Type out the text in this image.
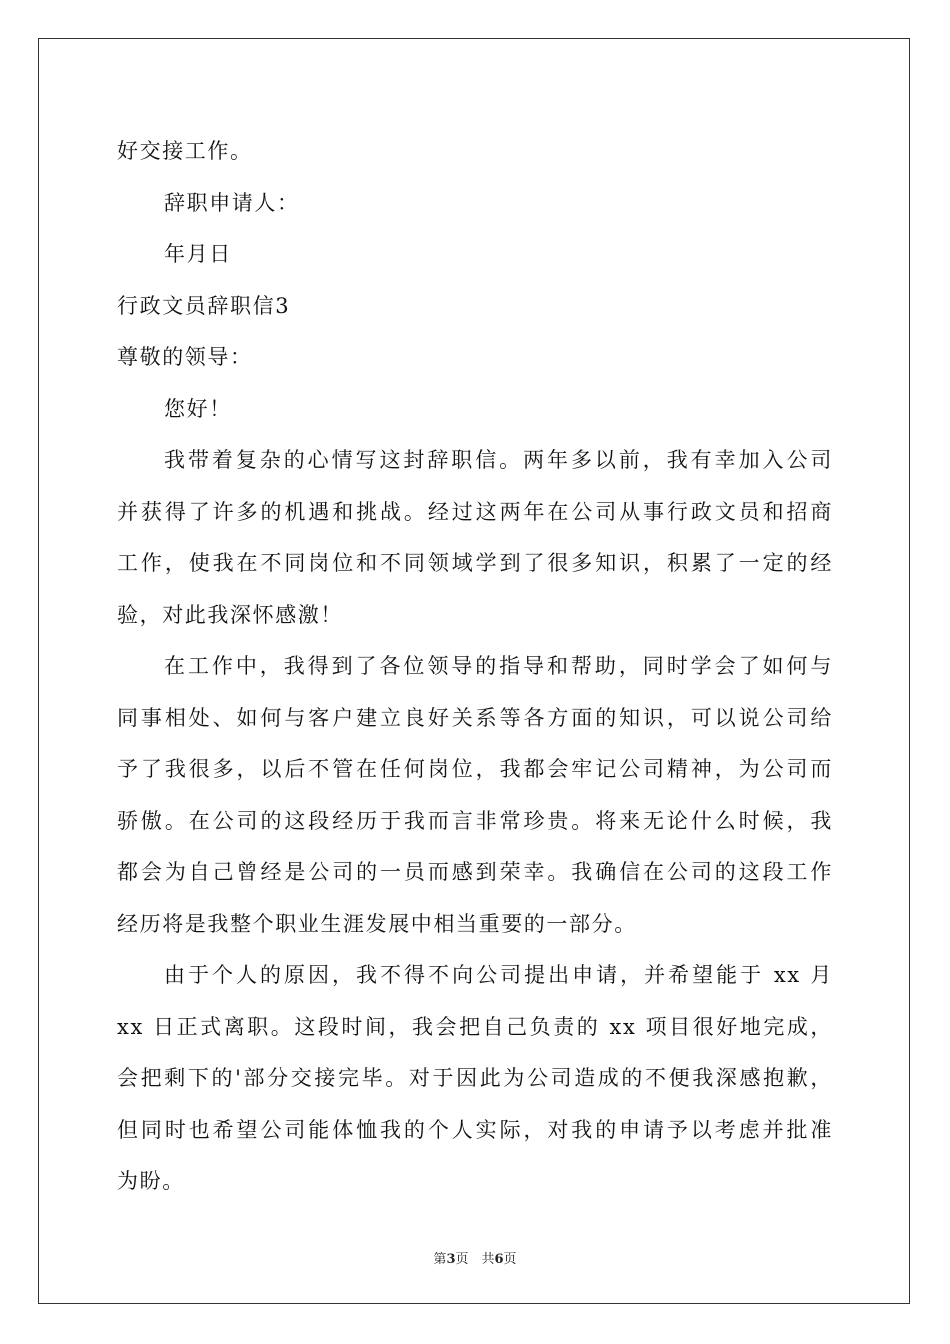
好交接工作。
辞职申请人：
年月日
行政文员辞职信3
尊敬的领导：
您好！
我带着复杂的心情写这封辞职信。两年多以前，我有幸加入公司
并获得了许多的机遇和挑战。经过这两年在公司从事行政文员和招商
工作，使我在不同岗位和不同领域学到了很多知识，积累了一定的经
验，对此我深怀感激！
在工作中，我得到了各位领导的指导和帮助，同时学会了如何与
同事相处、如何与客户建立良好关系等各方面的知识，可以说公司给
予了我很多，以后不管在任何岗位，我都会牢记公司精神，为公司而
骄傲。在公司的这段经历于我而言非常珍贵。将来无论什么时候，我
都会为自己曾经是公司的一员而感到荣幸。我确信在公司的这段工作
经历将是我整个职业生涯发展中相当重要的一部分。
由于个人的原因，我不得不向公司提出申请，并希望能于 xx 月
xx 日正式离职。这段时间，我会把自己负责的 xx 项目很好地完成，
会把剩下的'部分交接完毕。对于因此为公司造成的不便我深感抱歉，
但同时也希望公司能体恤我的个人实际，对我的申请予以考虑并批准
为盼。
第3页　共6页
